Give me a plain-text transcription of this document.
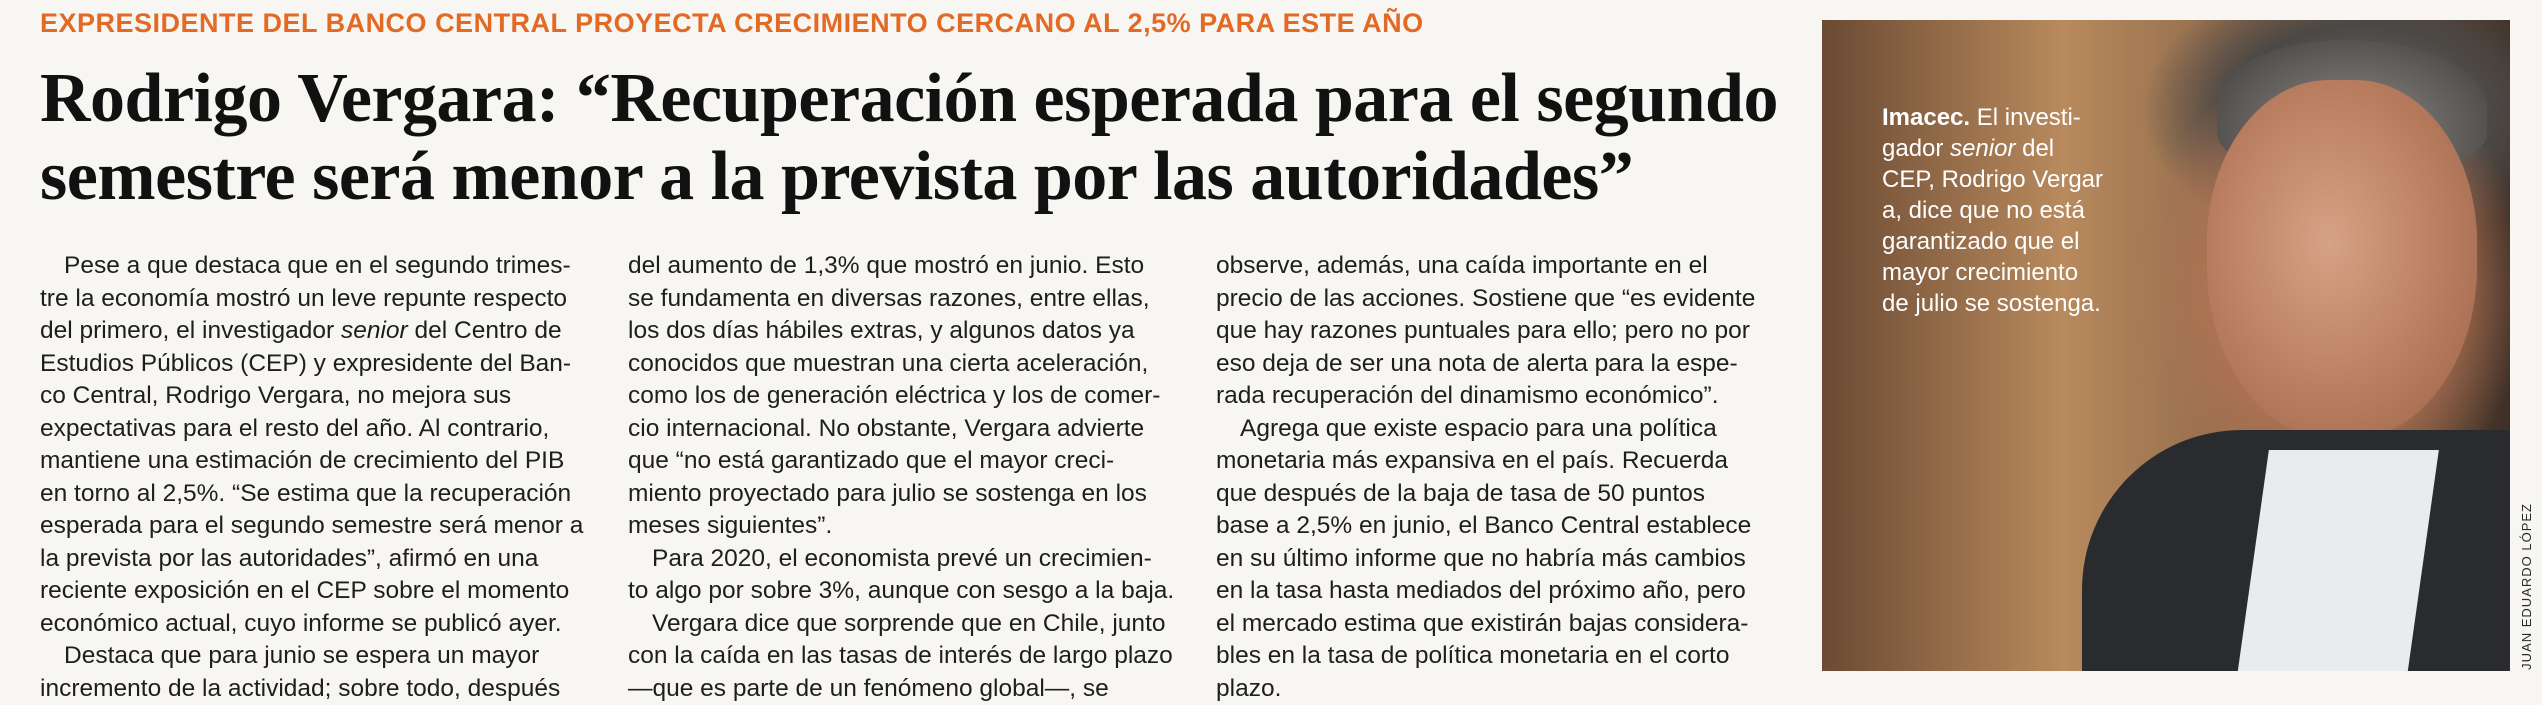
EXPRESIDENTE DEL BANCO CENTRAL PROYECTA CRECIMIENTO CERCANO AL 2,5% PARA ESTE AÑO
Rodrigo Vergara: “Recuperación esperada para el segundo
semestre será menor a la prevista por las autoridades”
Pese a que destaca que en el segundo trimes-
tre la economía mostró un leve repunte respecto
del primero, el investigador senior del Centro de
Estudios Públicos (CEP) y expresidente del Ban-
co Central, Rodrigo Vergara, no mejora sus
expectativas para el resto del año. Al contrario,
mantiene una estimación de crecimiento del PIB
en torno al 2,5%. “Se estima que la recuperación
esperada para el segundo semestre será menor a
la prevista por las autoridades”, afirmó en una
reciente exposición en el CEP sobre el momento
económico actual, cuyo informe se publicó ayer.
Destaca que para junio se espera un mayor
incremento de la actividad; sobre todo, después
del aumento de 1,3% que mostró en junio. Esto
se fundamenta en diversas razones, entre ellas,
los dos días hábiles extras, y algunos datos ya
conocidos que muestran una cierta aceleración,
como los de generación eléctrica y los de comer-
cio internacional. No obstante, Vergara advierte
que “no está garantizado que el mayor creci-
miento proyectado para julio se sostenga en los
meses siguientes”.
Para 2020, el economista prevé un crecimien-
to algo por sobre 3%, aunque con sesgo a la baja.
Vergara dice que sorprende que en Chile, junto
con la caída en las tasas de interés de largo plazo
—que es parte de un fenómeno global—, se
observe, además, una caída importante en el
precio de las acciones. Sostiene que “es evidente
que hay razones puntuales para ello; pero no por
eso deja de ser una nota de alerta para la espe-
rada recuperación del dinamismo económico”.
Agrega que existe espacio para una política
monetaria más expansiva en el país. Recuerda
que después de la baja de tasa de 50 puntos
base a 2,5% en junio, el Banco Central establece
en su último informe que no habría más cambios
en la tasa hasta mediados del próximo año, pero
el mercado estima que existirán bajas considera-
bles en la tasa de política monetaria en el corto
plazo.
Imacec. El investi-
gador senior del
CEP, Rodrigo Vergar
a, dice que no está
garantizado que el
mayor crecimiento
de julio se sostenga.
JUAN EDUARDO LÓPEZ
